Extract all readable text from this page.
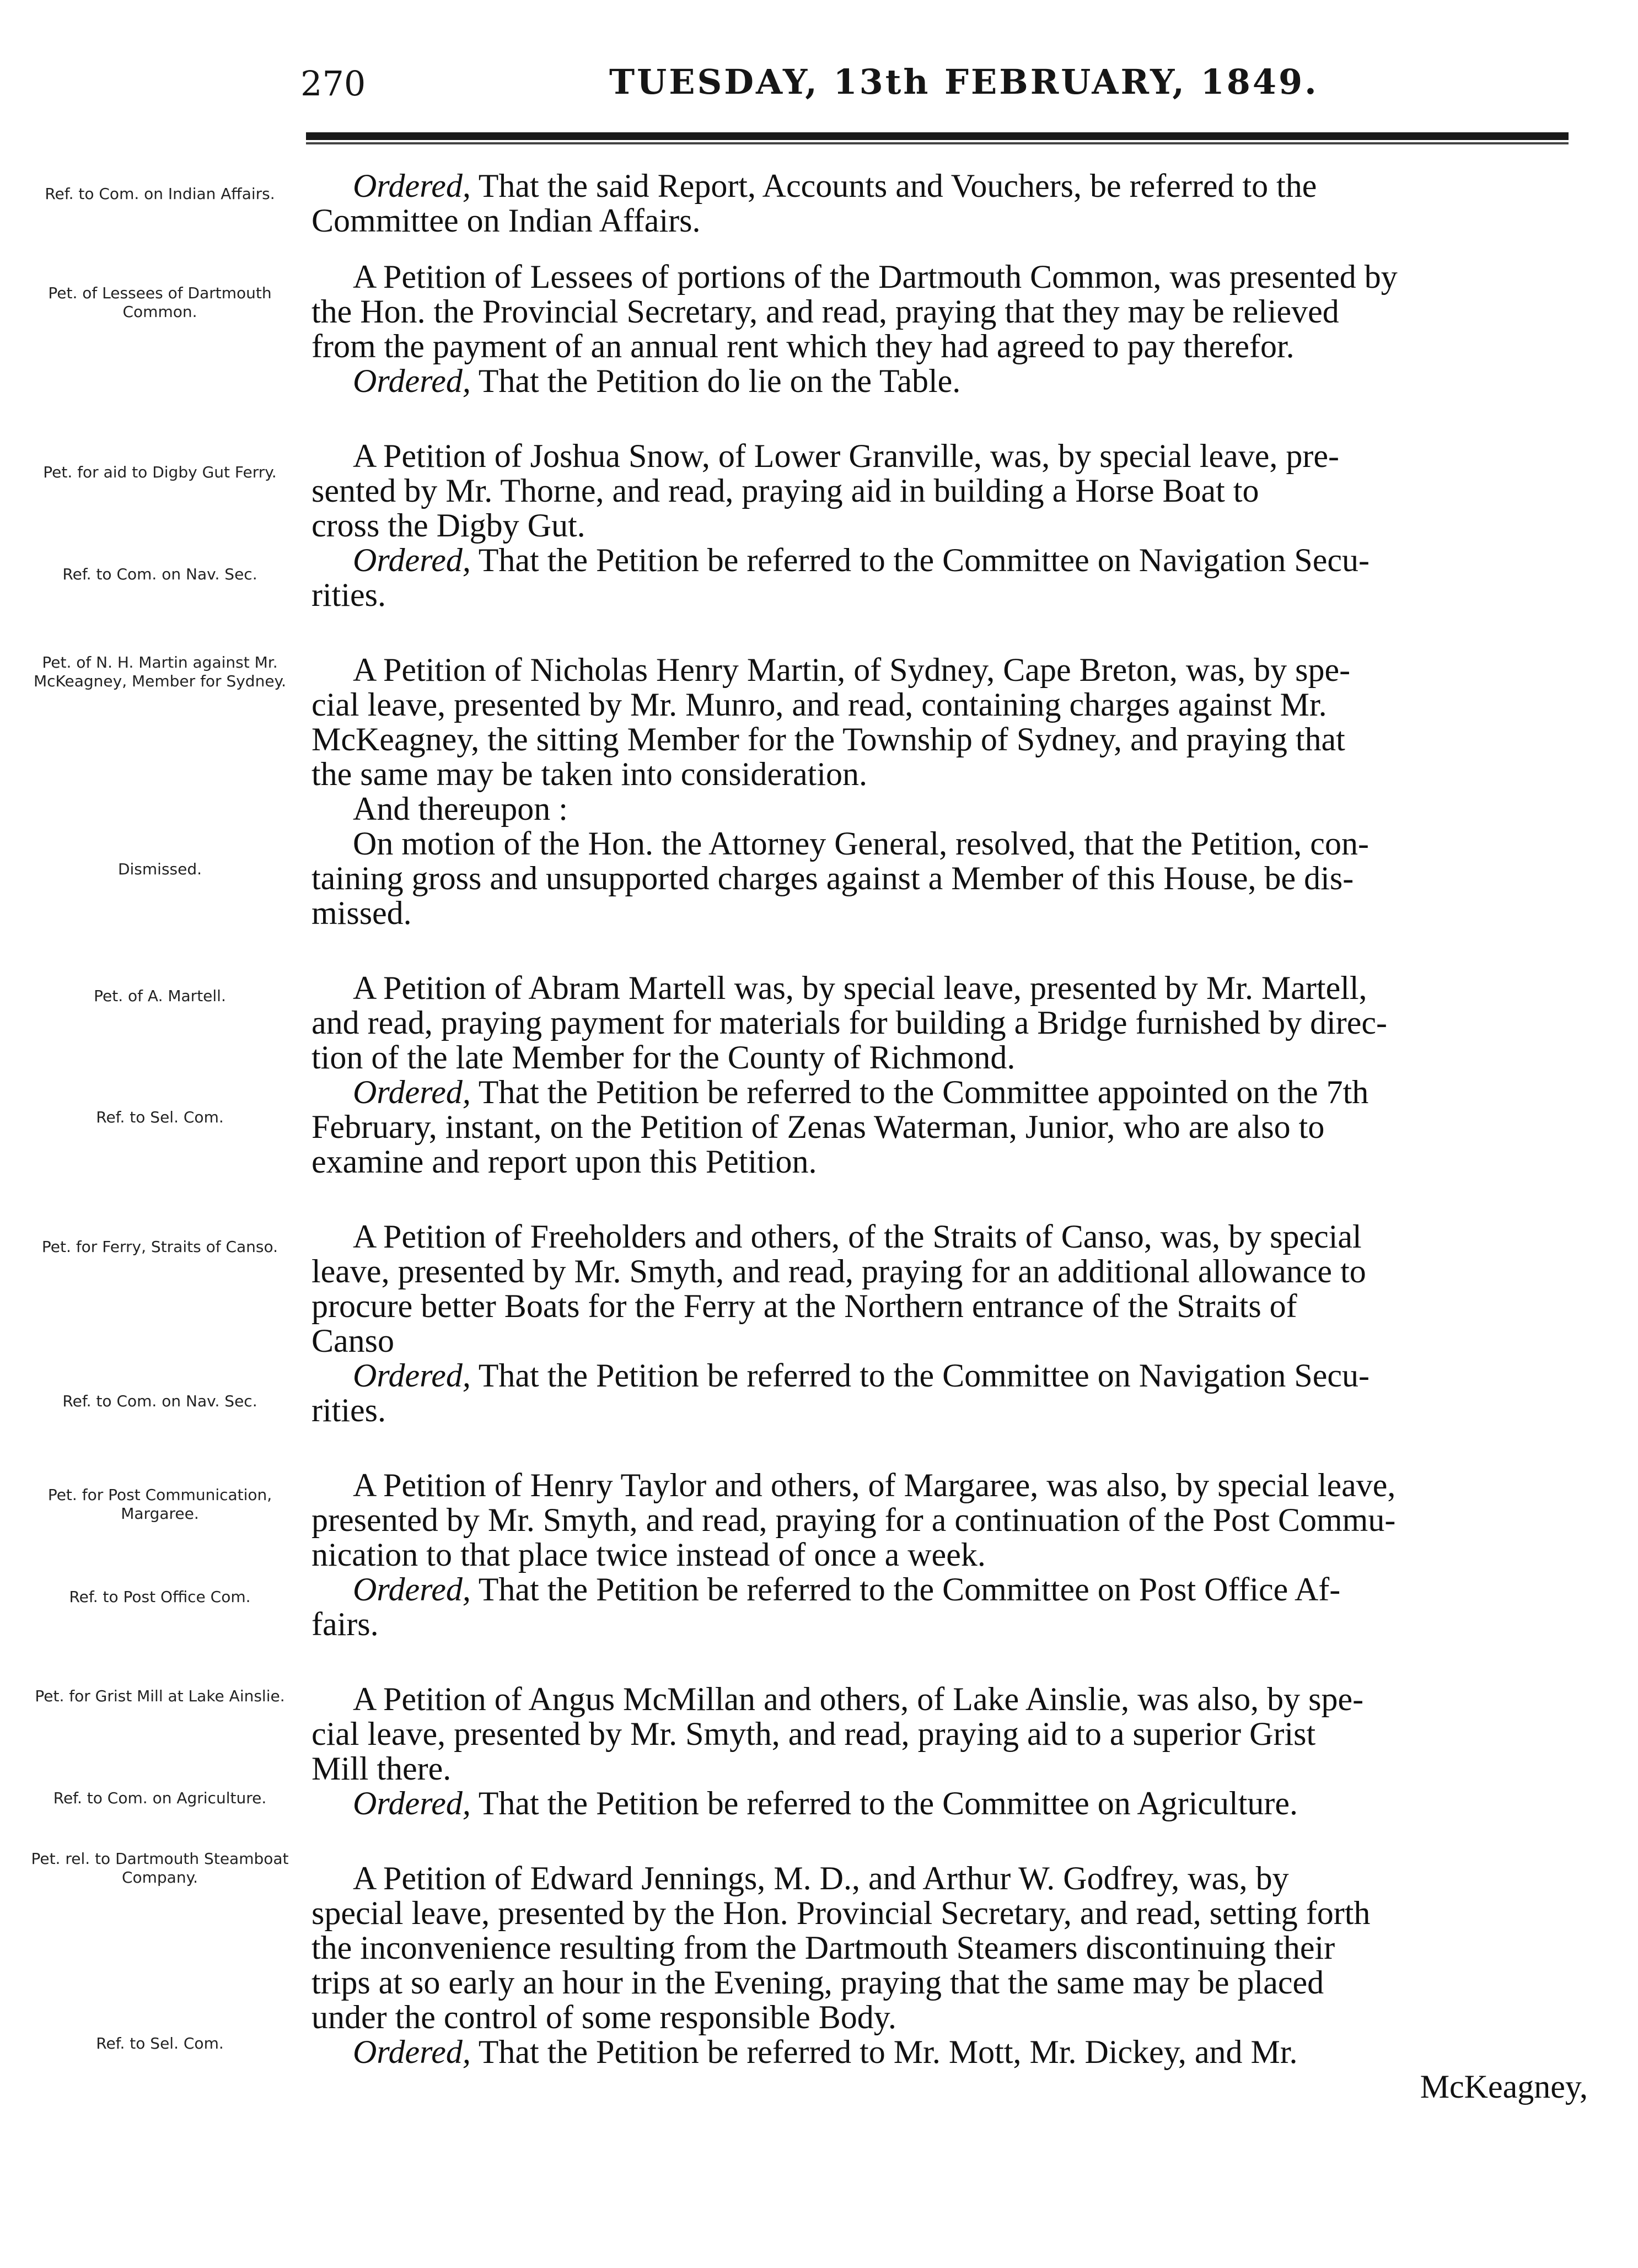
270	TUESDAY, 13th FEBRUARY, 1849.
Ref. to Com. on Indian Affairs.
Pet. of Lessees of Dartmouth Common.
Pet. for aid to Digby Gut Ferry.
Ref. to Com. on Nav. Sec.
Pet. of N. H. Martin against Mr. McKeagney, Member for Sydney.
Dismissed.
Pet. of A. Martell.
Ref. to Sel. Com.
Pet. for Ferry, Straits of Canso.
Ref. to Com. on Nav. Sec.
Pet. for Post Communication, Margaree.
Ref. to Post Office Com.
Pet. for Grist Mill at Lake Ainslie.
Ref. to Com. on Agriculture.
Pet. rel. to Dartmouth Steamboat Company.
Ref. to Sel. Com.
Ordered, That the said Report, Accounts and Vouchers, be referred to the
Committee on Indian Affairs.
A Petition of Lessees of portions of the Dartmouth Common, was presented by
the Hon. the Provincial Secretary, and read, praying that they may be relieved
from the payment of an annual rent which they had agreed to pay therefor.
Ordered, That the Petition do lie on the Table.
A Petition of Joshua Snow, of Lower Granville, was, by special leave, pre-
sented by Mr. Thorne, and read, praying aid in building a Horse Boat to
cross the Digby Gut.
Ordered, That the Petition be referred to the Committee on Navigation Secu-
rities.
A Petition of Nicholas Henry Martin, of Sydney, Cape Breton, was, by spe-
cial leave, presented by Mr. Munro, and read, containing charges against Mr.
McKeagney, the sitting Member for the Township of Sydney, and praying that
the same may be taken into consideration.
And thereupon :
On motion of the Hon. the Attorney General, resolved, that the Petition, con-
taining gross and unsupported charges against a Member of this House, be dis-
missed.
A Petition of Abram Martell was, by special leave, presented by Mr. Martell,
and read, praying payment for materials for building a Bridge furnished by direc-
tion of the late Member for the County of Richmond.
Ordered, That the Petition be referred to the Committee appointed on the 7th
February, instant, on the Petition of Zenas Waterman, Junior, who are also to
examine and report upon this Petition.
A Petition of Freeholders and others, of the Straits of Canso, was, by special
leave, presented by Mr. Smyth, and read, praying for an additional allowance to
procure better Boats for the Ferry at the Northern entrance of the Straits of
Canso
Ordered, That the Petition be referred to the Committee on Navigation Secu-
rities.
A Petition of Henry Taylor and others, of Margaree, was also, by special leave,
presented by Mr. Smyth, and read, praying for a continuation of the Post Commu-
nication to that place twice instead of once a week.
Ordered, That the Petition be referred to the Committee on Post Office Af-
fairs.
A Petition of Angus McMillan and others, of Lake Ainslie, was also, by spe-
cial leave, presented by Mr. Smyth, and read, praying aid to a superior Grist
Mill there.
Ordered, That the Petition be referred to the Committee on Agriculture.
A Petition of Edward Jennings, M. D., and Arthur W. Godfrey, was, by
special leave, presented by the Hon. Provincial Secretary, and read, setting forth
the inconvenience resulting from the Dartmouth Steamers discontinuing their
trips at so early an hour in the Evening, praying that the same may be placed
under the control of some responsible Body.
Ordered, That the Petition be referred to Mr. Mott, Mr. Dickey, and Mr.
McKeagney,
